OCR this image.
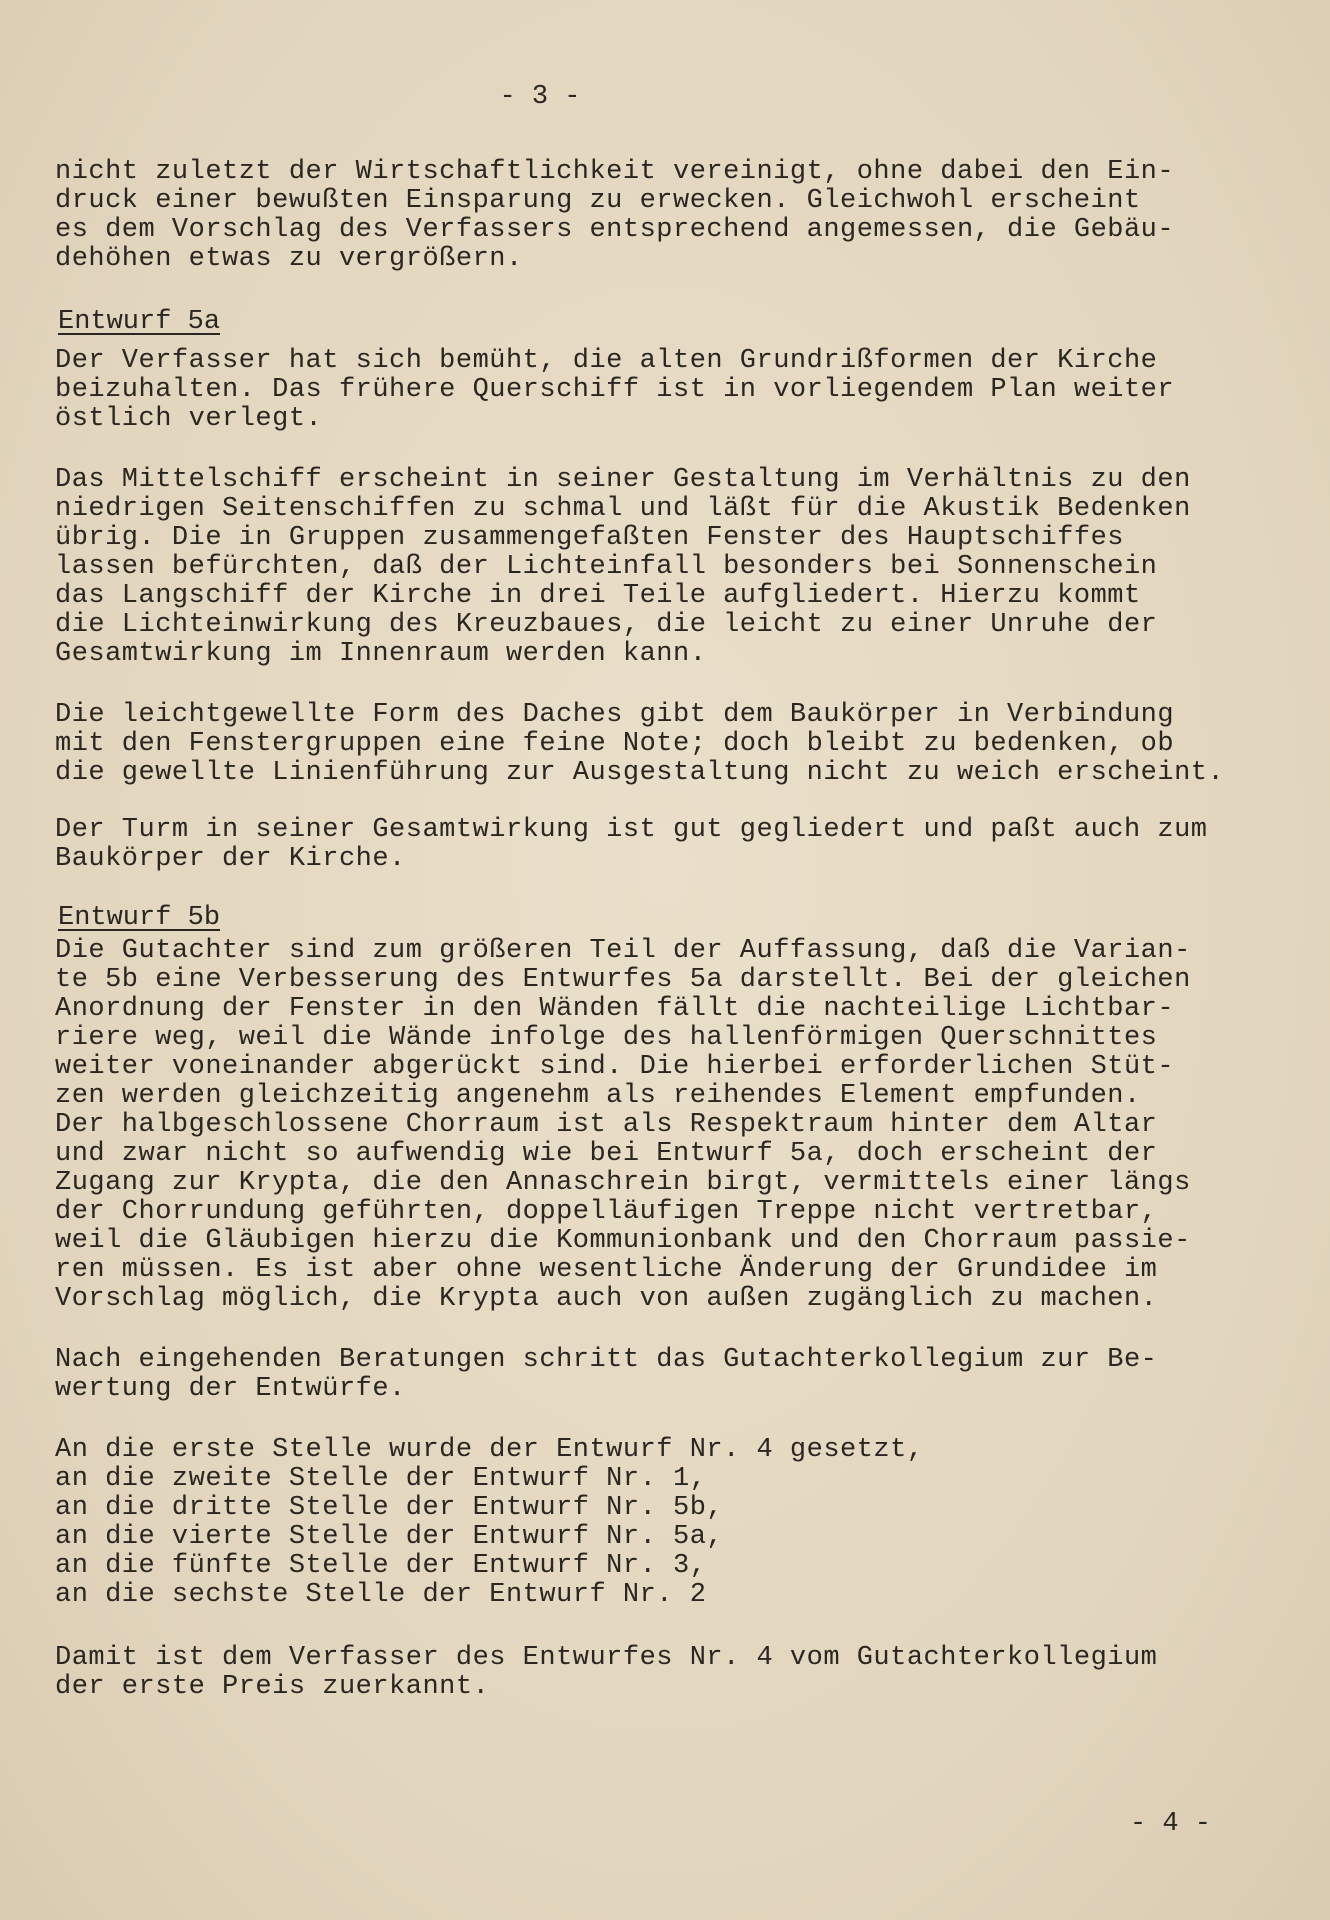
- 3 -
nicht zuletzt der Wirtschaftlichkeit vereinigt, ohne dabei den Ein-
druck einer bewußten Einsparung zu erwecken. Gleichwohl erscheint
es dem Vorschlag des Verfassers entsprechend angemessen, die Gebäu-
dehöhen etwas zu vergrößern.
Entwurf 5a
Der Verfasser hat sich bemüht, die alten Grundrißformen der Kirche
beizuhalten. Das frühere Querschiff ist in vorliegendem Plan weiter
östlich verlegt.
Das Mittelschiff erscheint in seiner Gestaltung im Verhältnis zu den
niedrigen Seitenschiffen zu schmal und läßt für die Akustik Bedenken
übrig. Die in Gruppen zusammengefaßten Fenster des Hauptschiffes
lassen befürchten, daß der Lichteinfall besonders bei Sonnenschein
das Langschiff der Kirche in drei Teile aufgliedert. Hierzu kommt
die Lichteinwirkung des Kreuzbaues, die leicht zu einer Unruhe der
Gesamtwirkung im Innenraum werden kann.
Die leichtgewellte Form des Daches gibt dem Baukörper in Verbindung
mit den Fenstergruppen eine feine Note; doch bleibt zu bedenken, ob
die gewellte Linienführung zur Ausgestaltung nicht zu weich erscheint.
Der Turm in seiner Gesamtwirkung ist gut gegliedert und paßt auch zum
Baukörper der Kirche.
Entwurf 5b
Die Gutachter sind zum größeren Teil der Auffassung, daß die Varian-
te 5b eine Verbesserung des Entwurfes 5a darstellt. Bei der gleichen
Anordnung der Fenster in den Wänden fällt die nachteilige Lichtbar-
riere weg, weil die Wände infolge des hallenförmigen Querschnittes
weiter voneinander abgerückt sind. Die hierbei erforderlichen Stüt-
zen werden gleichzeitig angenehm als reihendes Element empfunden.
Der halbgeschlossene Chorraum ist als Respektraum hinter dem Altar
und zwar nicht so aufwendig wie bei Entwurf 5a, doch erscheint der
Zugang zur Krypta, die den Annaschrein birgt, vermittels einer längs
der Chorrundung geführten, doppelläufigen Treppe nicht vertretbar,
weil die Gläubigen hierzu die Kommunionbank und den Chorraum passie-
ren müssen. Es ist aber ohne wesentliche Änderung der Grundidee im
Vorschlag möglich, die Krypta auch von außen zugänglich zu machen.
Nach eingehenden Beratungen schritt das Gutachterkollegium zur Be-
wertung der Entwürfe.
An die erste Stelle wurde der Entwurf Nr. 4 gesetzt,
an die zweite Stelle der Entwurf Nr. 1,
an die dritte Stelle der Entwurf Nr. 5b,
an die vierte Stelle der Entwurf Nr. 5a,
an die fünfte Stelle der Entwurf Nr. 3,
an die sechste Stelle der Entwurf Nr. 2
Damit ist dem Verfasser des Entwurfes Nr. 4 vom Gutachterkollegium
der erste Preis zuerkannt.
- 4 -
